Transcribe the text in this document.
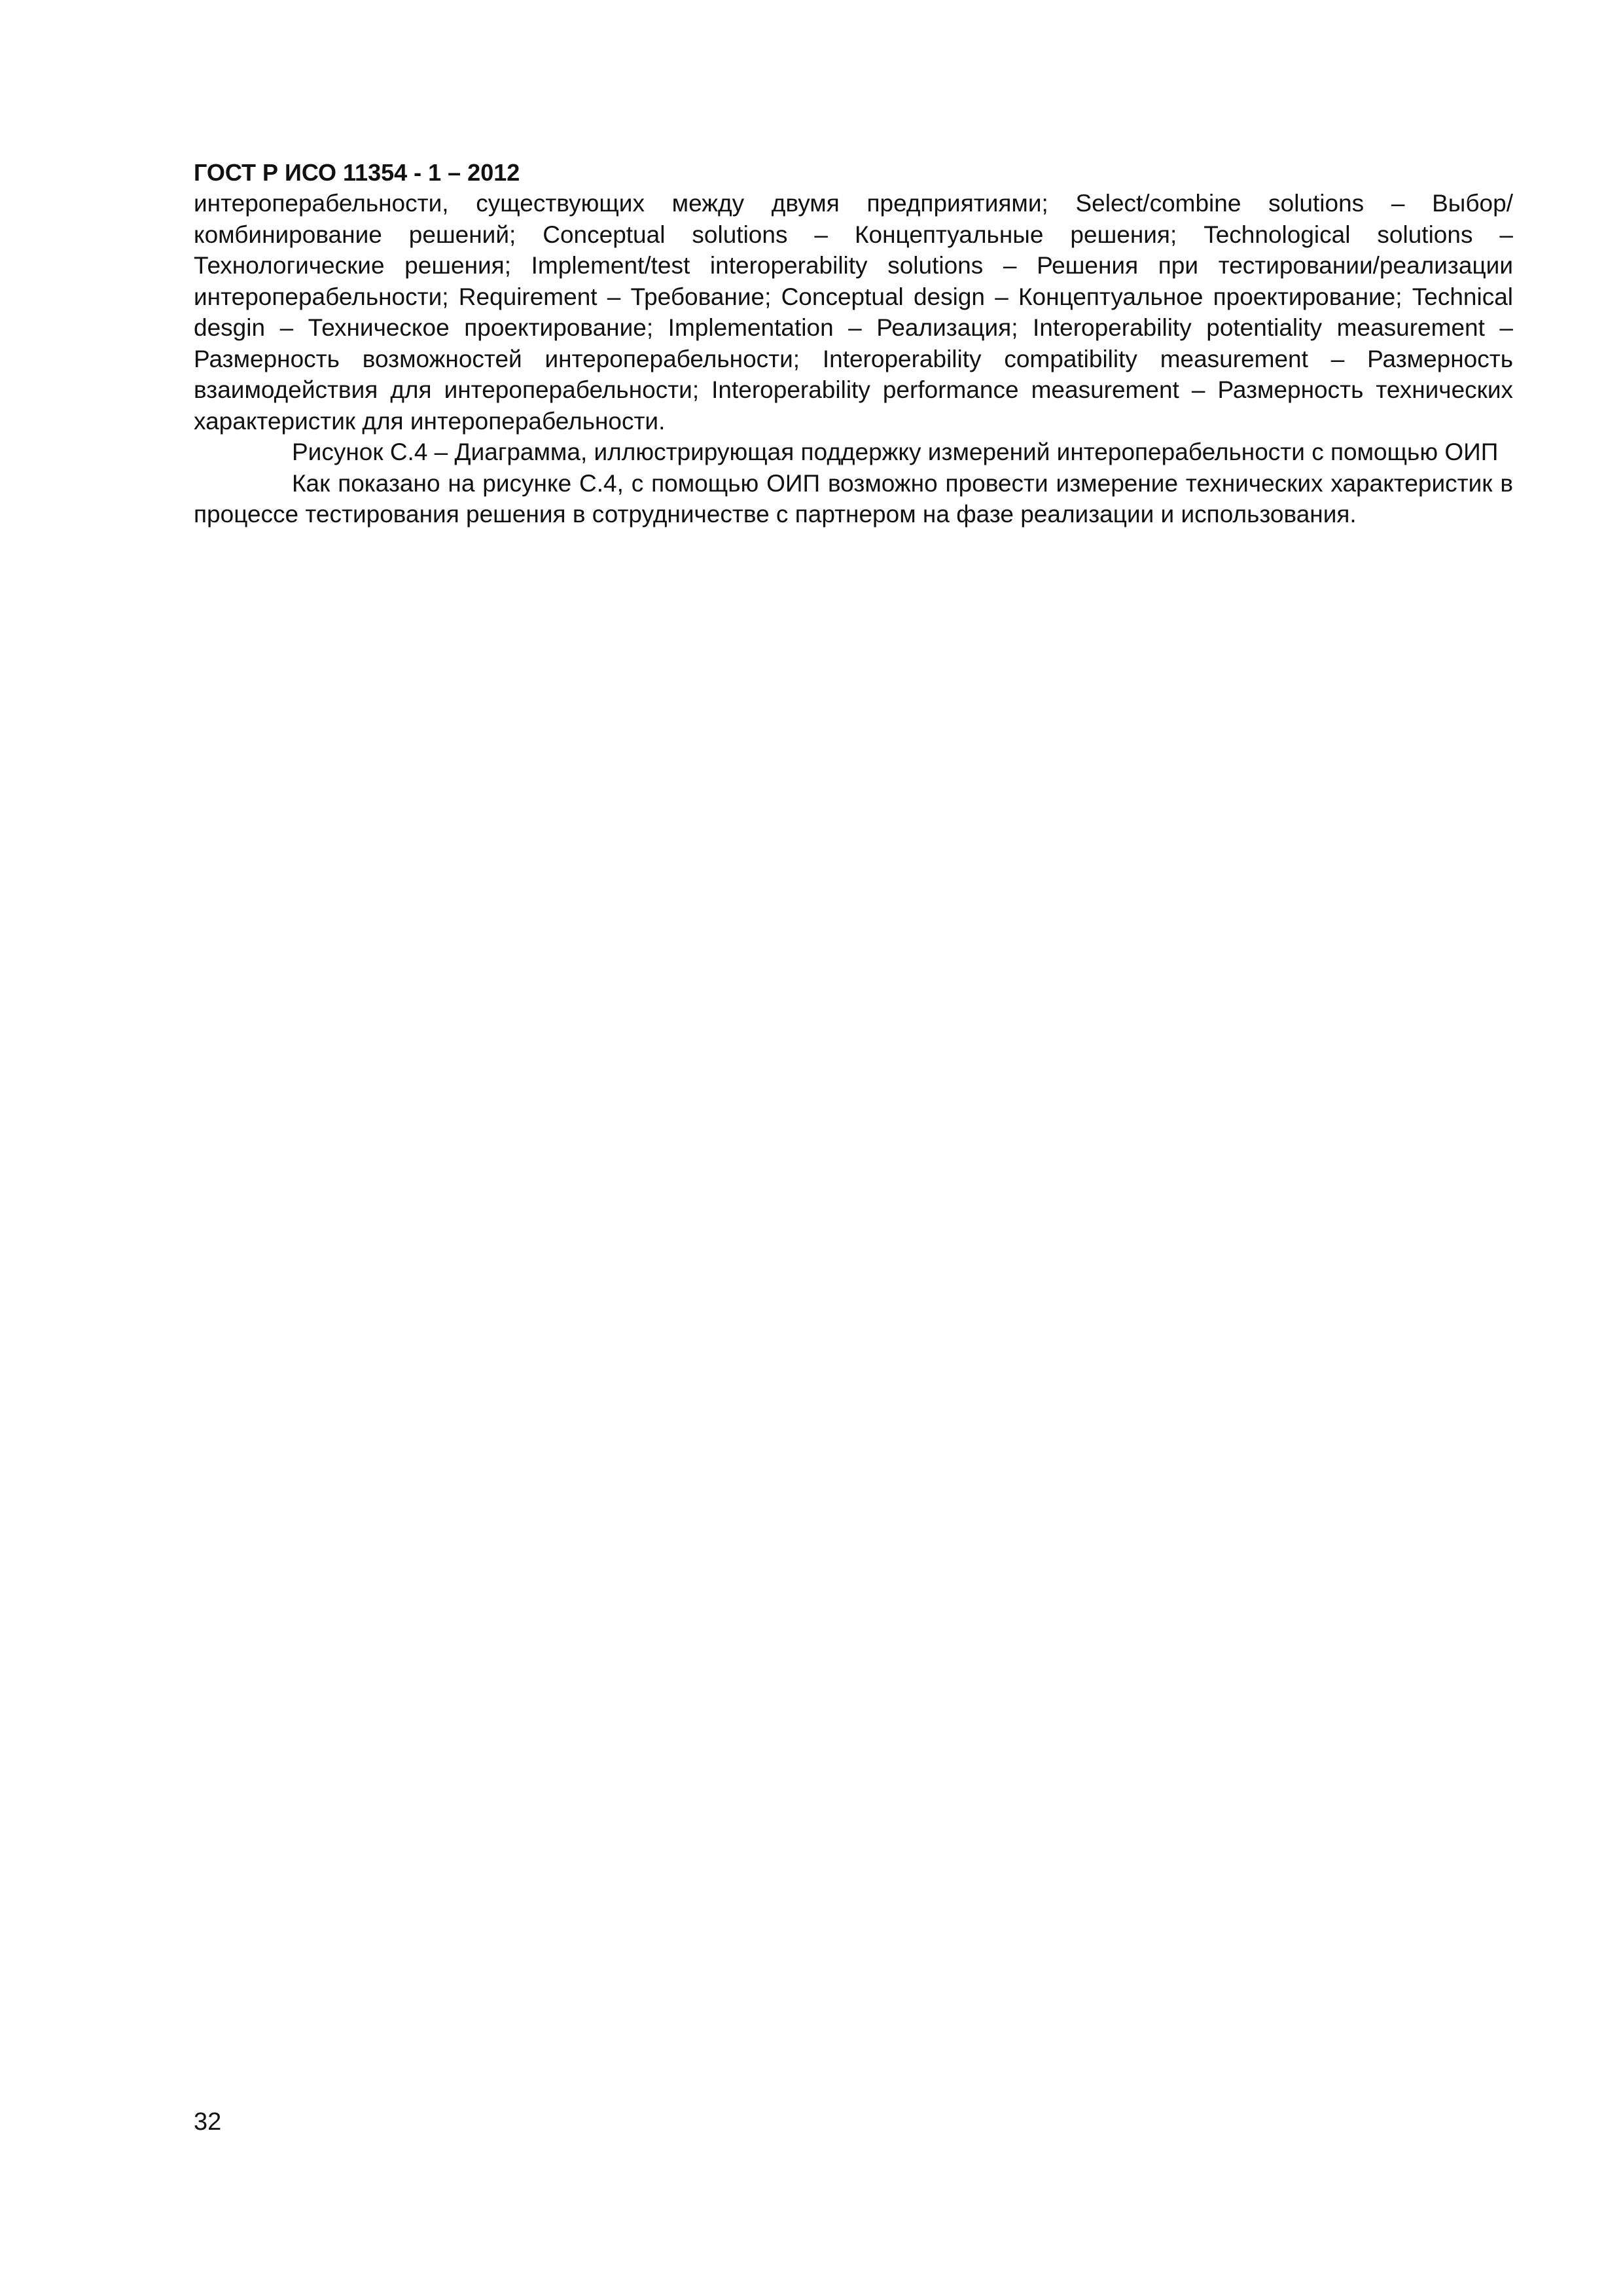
ГОСТ Р ИСО 11354 - 1 – 2012

интероперабельности, существующих между двумя предприятиями; Select/combine solutions – Выбор/комбинирование решений; Conceptual solutions – Концептуальные решения; Technological solutions – Технологические решения; Implement/test interoperability solutions – Решения при тестировании/реализации интероперабельности; Requirement – Требование; Conceptual design – Концептуальное проектирование; Technical desgin – Техническое проектирование; Implementation – Реализация; Interoperability potentiality measurement – Размерность возможностей интероперабельности; Interoperability compatibility measurement – Размерность взаимодействия для интероперабельности; Interoperability performance measurement – Размерность технических характеристик для интероперабельности.

Рисунок С.4 – Диаграмма, иллюстрирующая поддержку измерений интероперабельности с помощью ОИП

Как показано на рисунке С.4, с помощью ОИП возможно провести измерение технических характеристик в процессе тестирования решения в сотрудничестве с партнером на фазе реализации и использования.

32
